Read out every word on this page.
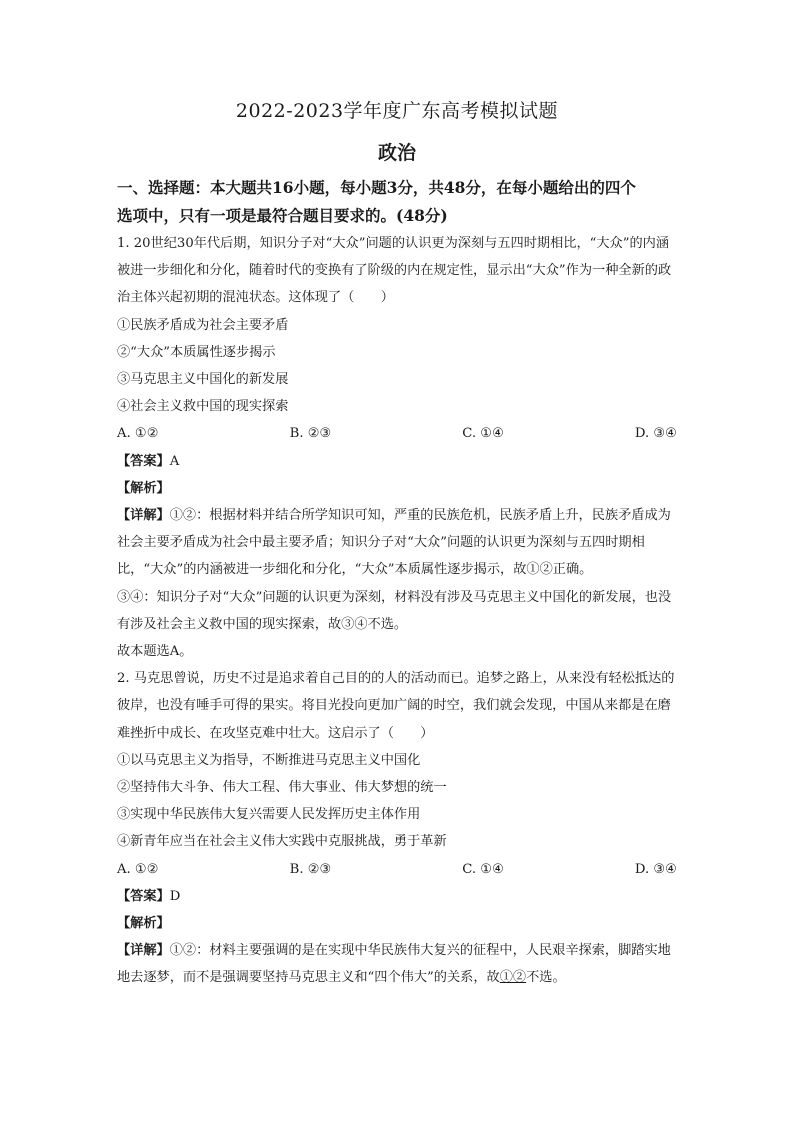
2022-2023学年度广东高考模拟试题
政治

一、选择题：本大题共16小题，每小题3分，共48分，在每小题给出的四个

选项中，只有一项是最符合题目要求的。(48分)

1. 20世纪30年代后期，知识分子对“大众”问题的认识更为深刻与五四时期相比，“大众”的内涵被进一步细化和分化，随着时代的变换有了阶级的内在规定性，显示出“大众”作为一种全新的政治主体兴起初期的混沌状态。这体现了（　　）

①民族矛盾成为社会主要矛盾

②“大众”本质属性逐步揭示

③马克思主义中国化的新发展

④社会主义救中国的现实探索

A. ①②	B. ②③	C. ①④	D. ③④

【答案】A

【解析】

【详解】①②：根据材料并结合所学知识可知，严重的民族危机，民族矛盾上升，民族矛盾成为社会主要矛盾成为社会中最主要矛盾；知识分子对“大众”问题的认识更为深刻与五四时期相比，“大众”的内涵被进一步细化和分化，“大众”本质属性逐步揭示，故①②正确。

③④：知识分子对“大众”问题的认识更为深刻，材料没有涉及马克思主义中国化的新发展，也没有涉及社会主义救中国的现实探索，故③④不选。

故本题选A。

2. 马克思曾说，历史不过是追求着自己目的的人的活动而已。追梦之路上，从来没有轻松抵达的彼岸，也没有唾手可得的果实。将目光投向更加广阔的时空，我们就会发现，中国从来都是在磨难挫折中成长、在攻坚克难中壮大。这启示了（　　）

①以马克思主义为指导，不断推进马克思主义中国化

②坚持伟大斗争、伟大工程、伟大事业、伟大梦想的统一

③实现中华民族伟大复兴需要人民发挥历史主体作用

④新青年应当在社会主义伟大实践中克服挑战，勇于革新

A. ①②	B. ②③	C. ①④	D. ③④

【答案】D

【解析】

【详解】①②：材料主要强调的是在实现中华民族伟大复兴的征程中，人民艰辛探索，脚踏实地地去逐梦，而不是强调要坚持马克思主义和“四个伟大”的关系，故①②不选。
